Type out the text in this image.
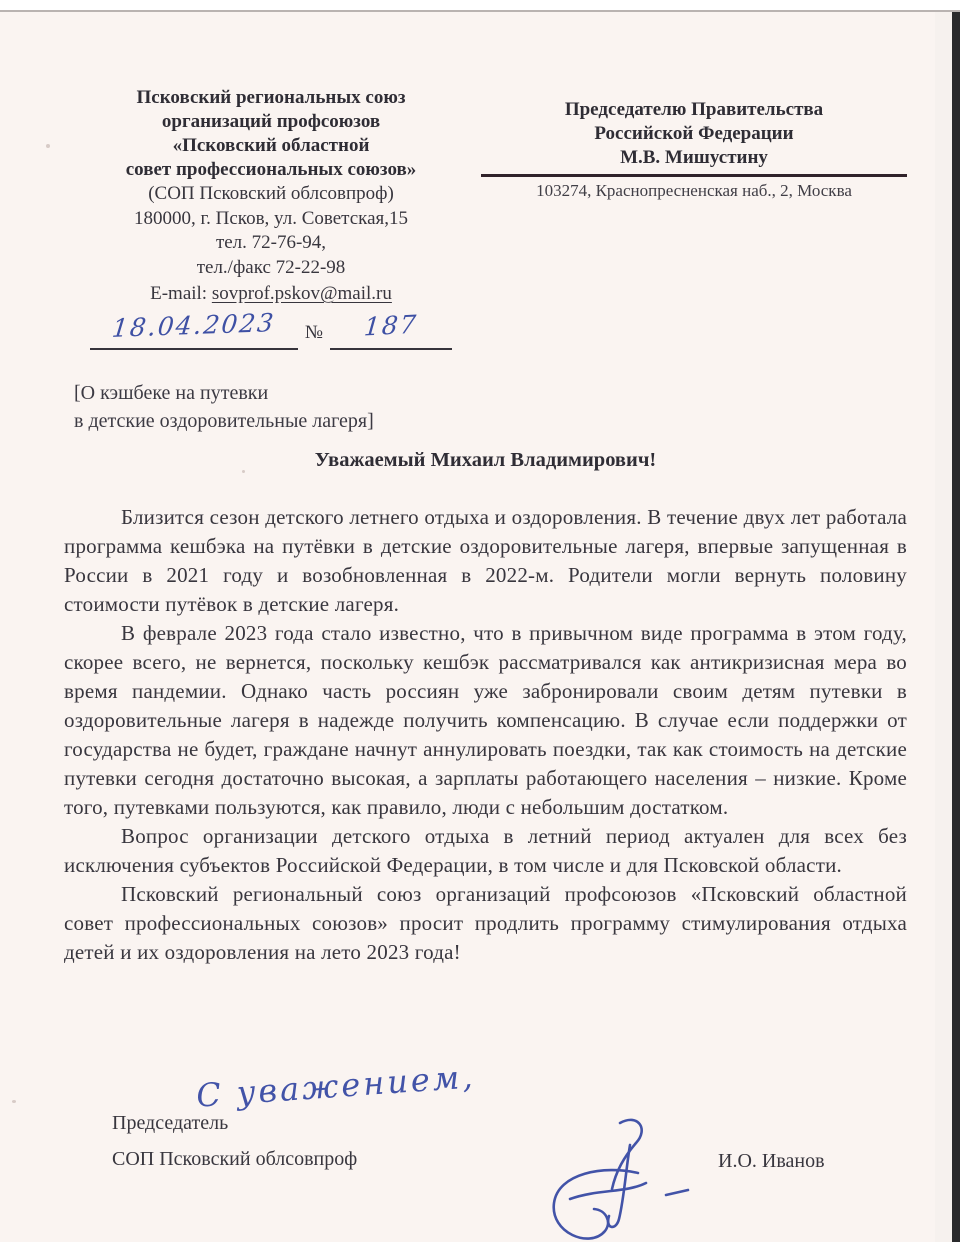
Псковский региональных союз
организаций профсоюзов
«Псковский областной
совет профессиональных союзов»
(СОП Псковский облсовпроф)
180000, г. Псков, ул. Советская,15
тел. 72-76-94,
тел./факс 72-22-98
E-mail: sovprof.pskov@mail.ru
18.04.2023	№	187
Председателю Правительства
Российской Федерации
М.В. Мишустину
103274, Краснопресненская наб., 2, Москва
[О кэшбеке на путевки
в детские оздоровительные лагеря]
Уважаемый Михаил Владимирович!

Близится сезон детского летнего отдыха и оздоровления. В течение двух лет работала программа кешбэка на путёвки в детские оздоровительные лагеря, впервые запущенная в России в 2021 году и возобновленная в 2022-м. Родители могли вернуть половину стоимости путёвок в детские лагеря.

В феврале 2023 года стало известно, что в привычном виде программа в этом году, скорее всего, не вернется, поскольку кешбэк рассматривался как антикризисная мера во время пандемии. Однако часть россиян уже забронировали своим детям путевки в оздоровительные лагеря в надежде получить компенсацию. В случае если поддержки от государства не будет, граждане начнут аннулировать поездки, так как стоимость на детские путевки сегодня достаточно высокая, а зарплаты работающего населения – низкие. Кроме того, путевками пользуются, как правило, люди с небольшим достатком.

Вопрос организации детского отдыха в летний период актуален для всех без исключения субъектов Российской Федерации, в том числе и для Псковской области.

Псковский региональный союз организаций профсоюзов «Псковский областной совет профессиональных союзов» просит продлить программу стимулирования отдыха детей и их оздоровления на лето 2023 года!

С уважением,
Председатель
СОП Псковский облсовпроф	И.О. Иванов
